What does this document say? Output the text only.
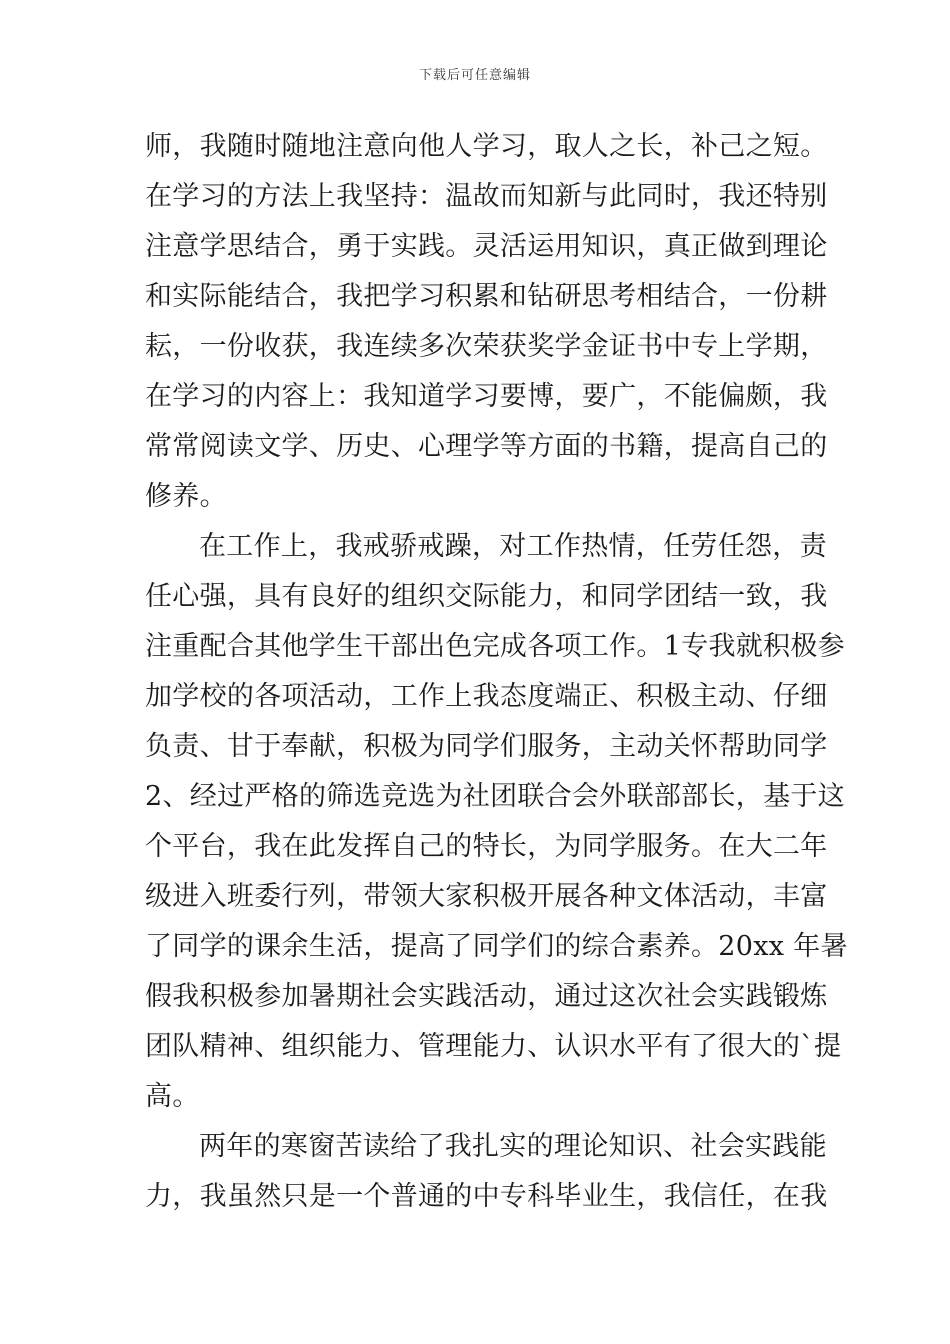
下载后可任意编辑
师，我随时随地注意向他人学习，取人之长，补己之短。
在学习的方法上我坚持：温故而知新与此同时，我还特别
注意学思结合，勇于实践。灵活运用知识，真正做到理论
和实际能结合，我把学习积累和钻研思考相结合，一份耕
耘，一份收获，我连续多次荣获奖学金证书中专上学期，
在学习的内容上：我知道学习要博，要广，不能偏颇，我
常常阅读文学、历史、心理学等方面的书籍，提高自己的
修养。
在工作上，我戒骄戒躁，对工作热情，任劳任怨，责
任心强，具有良好的组织交际能力，和同学团结一致，我
注重配合其他学生干部出色完成各项工作。1专我就积极参
加学校的各项活动，工作上我态度端正、积极主动、仔细
负责、甘于奉献，积极为同学们服务，主动关怀帮助同学
2、经过严格的筛选竞选为社团联合会外联部部长，基于这
个平台，我在此发挥自己的特长，为同学服务。在大二年
级进入班委行列，带领大家积极开展各种文体活动，丰富
了同学的课余生活，提高了同学们的综合素养。20xx 年暑
假我积极参加暑期社会实践活动，通过这次社会实践锻炼
团队精神、组织能力、管理能力、认识水平有了很大的`提
高。
两年的寒窗苦读给了我扎实的理论知识、社会实践能
力，我虽然只是一个普通的中专科毕业生，我信任，在我
